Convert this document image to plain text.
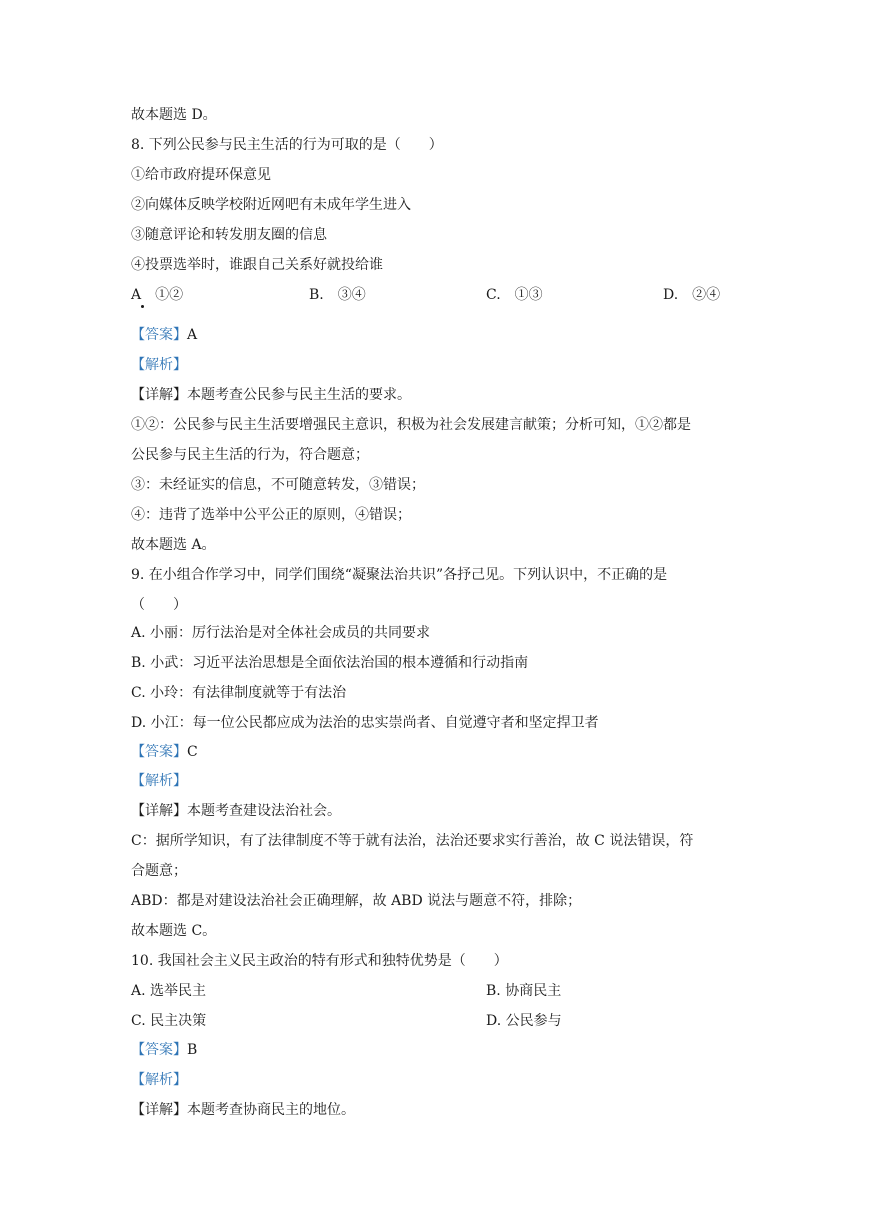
故本题选 D。
8. 下列公民参与民主生活的行为可取的是（　　）
①给市政府提环保意见
②向媒体反映学校附近网吧有未成年学生进入
③随意评论和转发朋友圈的信息
④投票选举时，谁跟自己关系好就投给谁
A　①②	B.　③④	C.　①③	D.　②④
【答案】A
【解析】
【详解】本题考查公民参与民主生活的要求。
①②：公民参与民主生活要增强民主意识，积极为社会发展建言献策；分析可知，①②都是
公民参与民主生活的行为，符合题意；
③：未经证实的信息，不可随意转发，③错误；
④：违背了选举中公平公正的原则，④错误；
故本题选 A。
9. 在小组合作学习中，同学们围绕“凝聚法治共识”各抒己见。下列认识中，不正确的是
（　　）
A. 小丽：厉行法治是对全体社会成员的共同要求
B. 小武：习近平法治思想是全面依法治国的根本遵循和行动指南
C. 小玲：有法律制度就等于有法治
D. 小江：每一位公民都应成为法治的忠实崇尚者、自觉遵守者和坚定捍卫者
【答案】C
【解析】
【详解】本题考查建设法治社会。
C：据所学知识，有了法律制度不等于就有法治，法治还要求实行善治，故 C 说法错误，符
合题意；
ABD：都是对建设法治社会正确理解，故 ABD 说法与题意不符，排除；
故本题选 C。
10. 我国社会主义民主政治的特有形式和独特优势是（　　）
A. 选举民主	B. 协商民主
C. 民主决策	D. 公民参与
【答案】B
【解析】
【详解】本题考查协商民主的地位。
